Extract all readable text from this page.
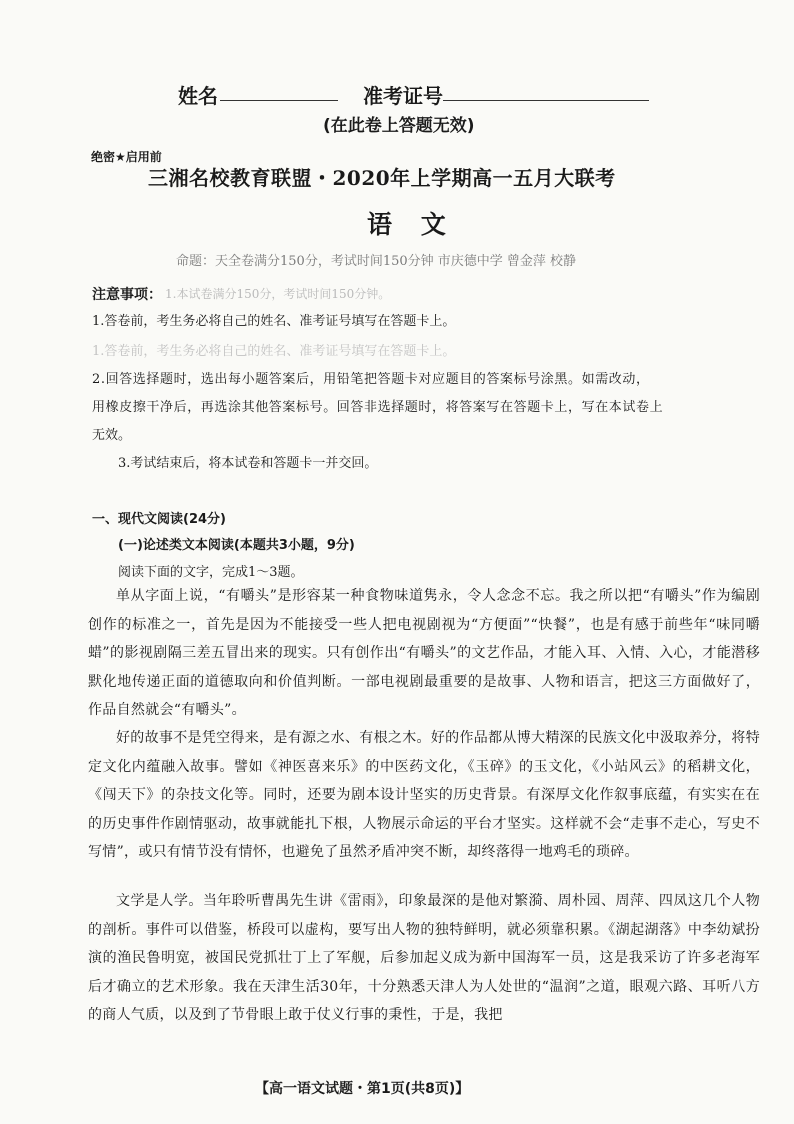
姓名	准考证号
(在此卷上答题无效)
绝密★启用前
三湘名校教育联盟・2020年上学期高一五月大联考
语 文
命题：天全卷满分150分，考试时间150分钟 市庆德中学 曾金萍 校静
注意事项： 1.本试卷满分150分，考试时间150分钟。
1.答卷前，考生务必将自己的姓名、准考证号填写在答题卡上。
1.答卷前，考生务必将自己的姓名、准考证号填写在答题卡上。
2.回答选择题时，选出每小题答案后，用铅笔把答题卡对应题目的答案标号涂黑。如需改动，
用橡皮擦干净后，再选涂其他答案标号。回答非选择题时，将答案写在答题卡上，写在本试卷上
无效。
3.考试结束后，将本试卷和答题卡一并交回。
一、现代文阅读(24分)
(一)论述类文本阅读(本题共3小题，9分)
阅读下面的文字，完成1～3题。
单从字面上说，“有嚼头”是形容某一种食物味道隽永，令人念念不忘。我之所以把“有嚼头”作为编剧创作的标准之一，首先是因为不能接受一些人把电视剧视为“方便面”“快餐”，也是有感于前些年“味同嚼蜡”的影视剧隔三差五冒出来的现实。只有创作出“有嚼头”的文艺作品，才能入耳、入情、入心，才能潜移默化地传递正面的道德取向和价值判断。一部电视剧最重要的是故事、人物和语言，把这三方面做好了，作品自然就会“有嚼头”。
好的故事不是凭空得来，是有源之水、有根之木。好的作品都从博大精深的民族文化中汲取养分，将特定文化内蕴融入故事。譬如《神医喜来乐》的中医药文化，《玉碎》的玉文化，《小站风云》的稻耕文化，《闯天下》的杂技文化等。同时，还要为剧本设计坚实的历史背景。有深厚文化作叙事底蕴，有实实在在的历史事件作剧情驱动，故事就能扎下根，人物展示命运的平台才坚实。这样就不会“走事不走心，写史不写情”，或只有情节没有情怀，也避免了虽然矛盾冲突不断，却终落得一地鸡毛的琐碎。
文学是人学。当年聆听曹禺先生讲《雷雨》，印象最深的是他对繁漪、周朴园、周萍、四凤这几个人物的剖析。事件可以借鉴，桥段可以虚构，要写出人物的独特鲜明，就必须靠积累。《湖起湖落》中李幼斌扮演的渔民鲁明宽，被国民党抓壮丁上了军舰，后参加起义成为新中国海军一员，这是我采访了许多老海军后才确立的艺术形象。我在天津生活30年，十分熟悉天津人为人处世的“温润”之道，眼观六路、耳听八方的商人气质，以及到了节骨眼上敢于仗义行事的秉性，于是，我把
【高一语文试题・第1页(共8页)】
